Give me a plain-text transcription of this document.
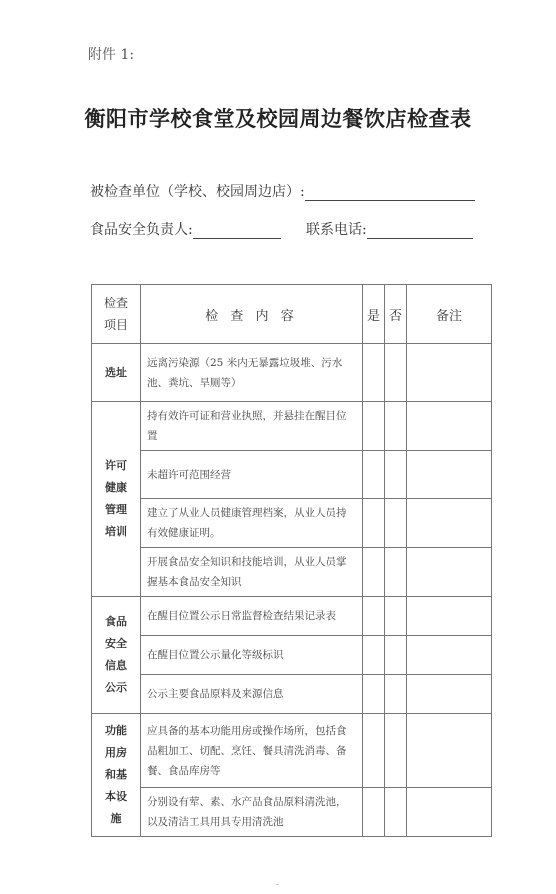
附件 1:
衡阳市学校食堂及校园周边餐饮店检查表
被检查单位（学校、校园周边店）:
食品安全负责人:	联系电话:
检查项目	检 查 内 容	是	否	备注
选址	远离污染源（25 米内无暴露垃圾堆、污水池、粪坑、旱厕等）			
许可健康管理培训	持有效许可证和营业执照，并悬挂在醒目位置			
	未超许可范围经营			
	建立了从业人员健康管理档案，从业人员持有效健康证明。			
	开展食品安全知识和技能培训，从业人员掌握基本食品安全知识			
食品安全信息公示	在醒目位置公示日常监督检查结果记录表			
	在醒目位置公示量化等级标识			
	公示主要食品原料及来源信息			
功能用房和基本设施	应具备的基本功能用房或操作场所，包括食品粗加工、切配、烹饪、餐具清洗消毒、备餐、食品库房等			
	分别设有荤、素、水产品食品原料清洗池，以及清洁工具用具专用清洗池			
-
